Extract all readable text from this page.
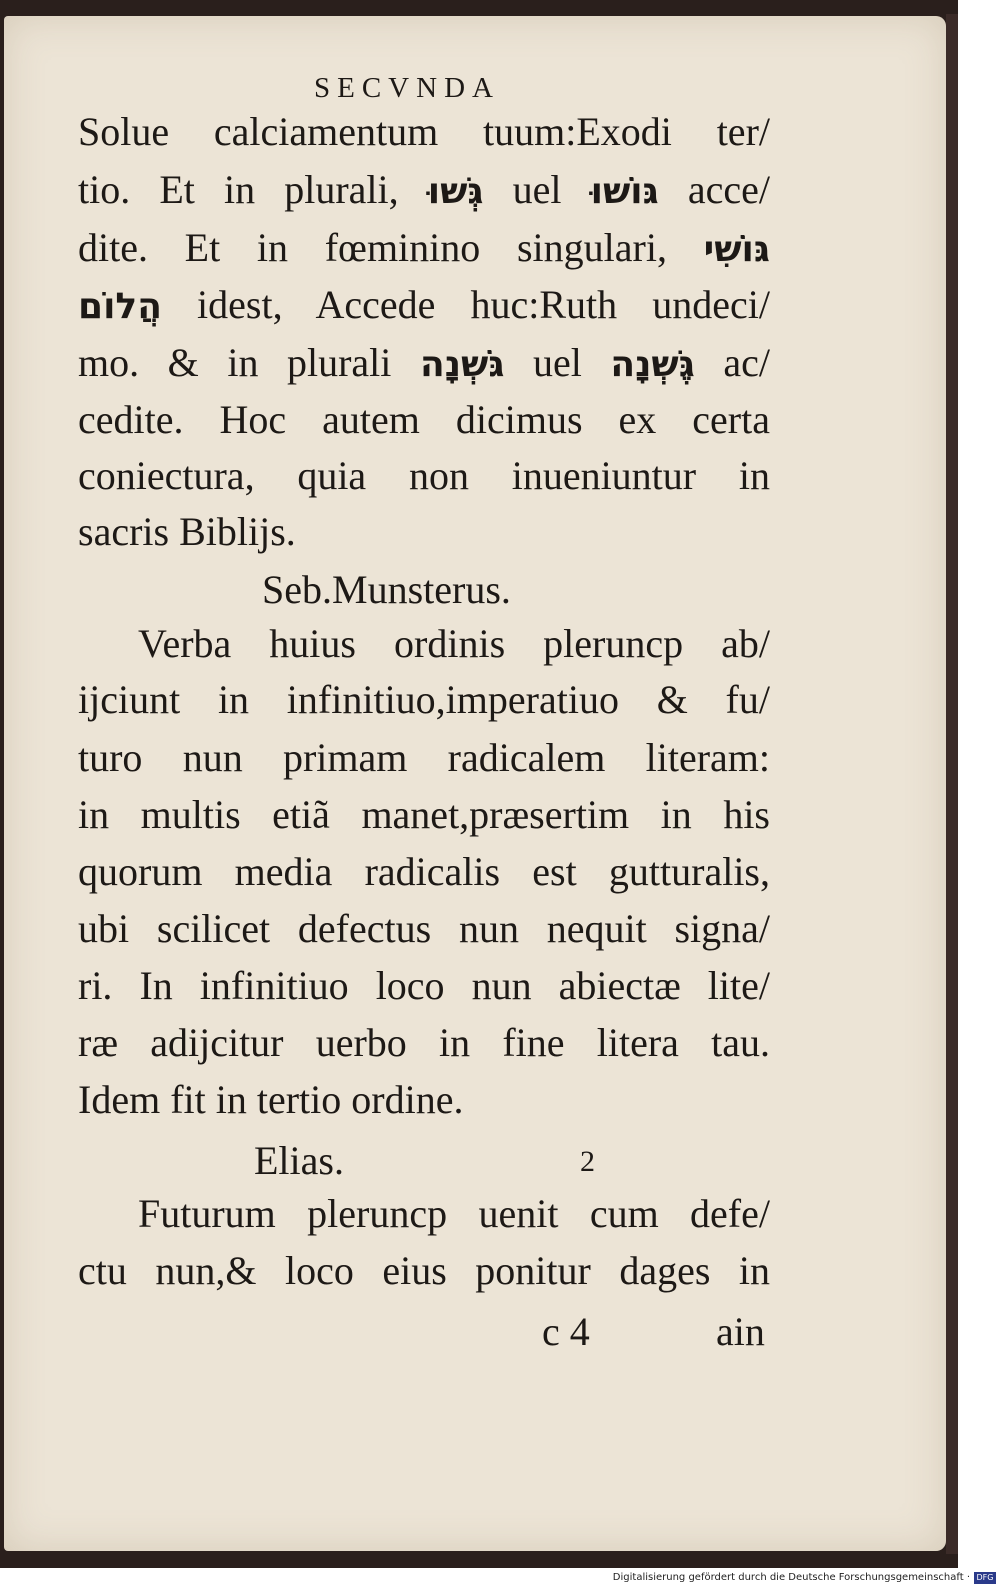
SECVNDA
Solue calciamentum tuum:Exodi ter/
tio. Et in plurali, גְּשׁוּ uel גּוֹשׁוּ acce/
dite. Et in fœminino singulari, גּוֹשִׁי
הֲלוֹם idest, Accede huc:Ruth undeci/
mo. & in plurali גֹּשְׁנָה uel גֶּשְׁנָה ac/
cedite. Hoc autem dicimus ex certa
coniectura, quia non inueniuntur in
sacris Biblijs.
Seb.Munsterus.
Verba huius ordinis pleruncp ab/
ijciunt in infinitiuo,imperatiuo & fu/
turo nun primam radicalem literam:
in multis etiã manet,præsertim in his
quorum media radicalis est gutturalis,
ubi scilicet defectus nun nequit signa/
ri. In infinitiuo loco nun abiectæ lite/
ræ adijcitur uerbo in fine litera tau.
Idem fit in tertio ordine.
Elias.	2
Futurum pleruncp uenit cum defe/
ctu nun,& loco eius ponitur dages in
c 4	ain
Digitalisierung gefördert durch die Deutsche Forschungsgemeinschaft · DFG
